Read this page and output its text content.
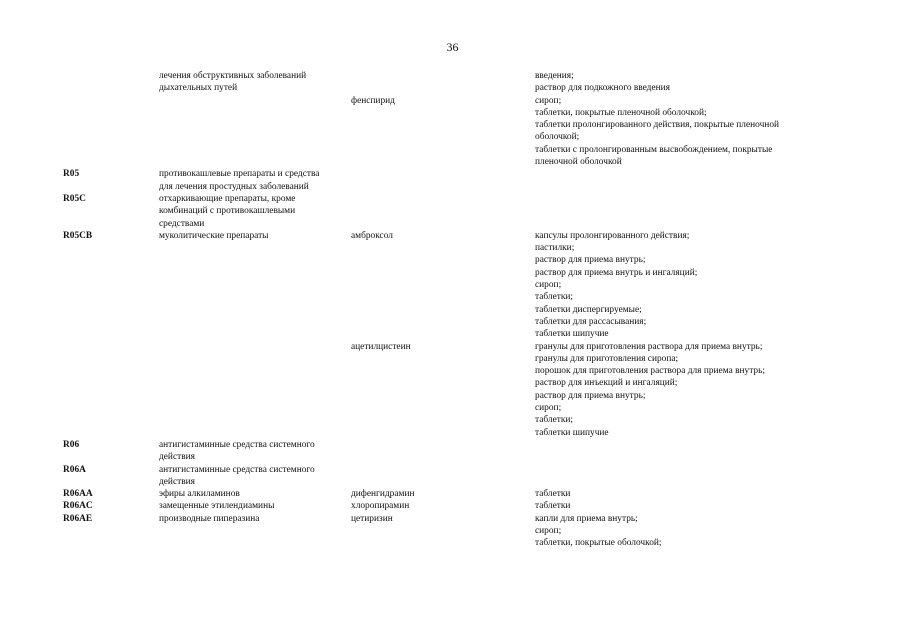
36
лечения обструктивных заболеваний
дыхательных путей
введения;
раствор для подкожного введения
фенспирид	сироп;
таблетки, покрытые пленочной оболочкой;
таблетки пролонгированного действия, покрытые пленочной
оболочкой;
таблетки с пролонгированным высвобождением, покрытые
пленочной оболочкой
R05	противокашлевые препараты и средства
для лечения простудных заболеваний
R05C	отхаркивающие препараты, кроме
комбинаций с противокашлевыми
средствами
R05CB	муколитические препараты	амброксол	капсулы пролонгированного действия;
пастилки;
раствор для приема внутрь;
раствор для приема внутрь и ингаляций;
сироп;
таблетки;
таблетки диспергируемые;
таблетки для рассасывания;
таблетки шипучие
ацетилцистеин	гранулы для приготовления раствора для приема внутрь;
гранулы для приготовления сиропа;
порошок для приготовления раствора для приема внутрь;
раствор для инъекций и ингаляций;
раствор для приема внутрь;
сироп;
таблетки;
таблетки шипучие
R06	антигистаминные средства системного
действия
R06A	антигистаминные средства системного
действия
R06AA	эфиры алкиламинов	дифенгидрамин	таблетки
R06AC	замещенные этилендиамины	хлоропирамин	таблетки
R06AE	производные пиперазина	цетиризин	капли для приема внутрь;
сироп;
таблетки, покрытые оболочкой;
